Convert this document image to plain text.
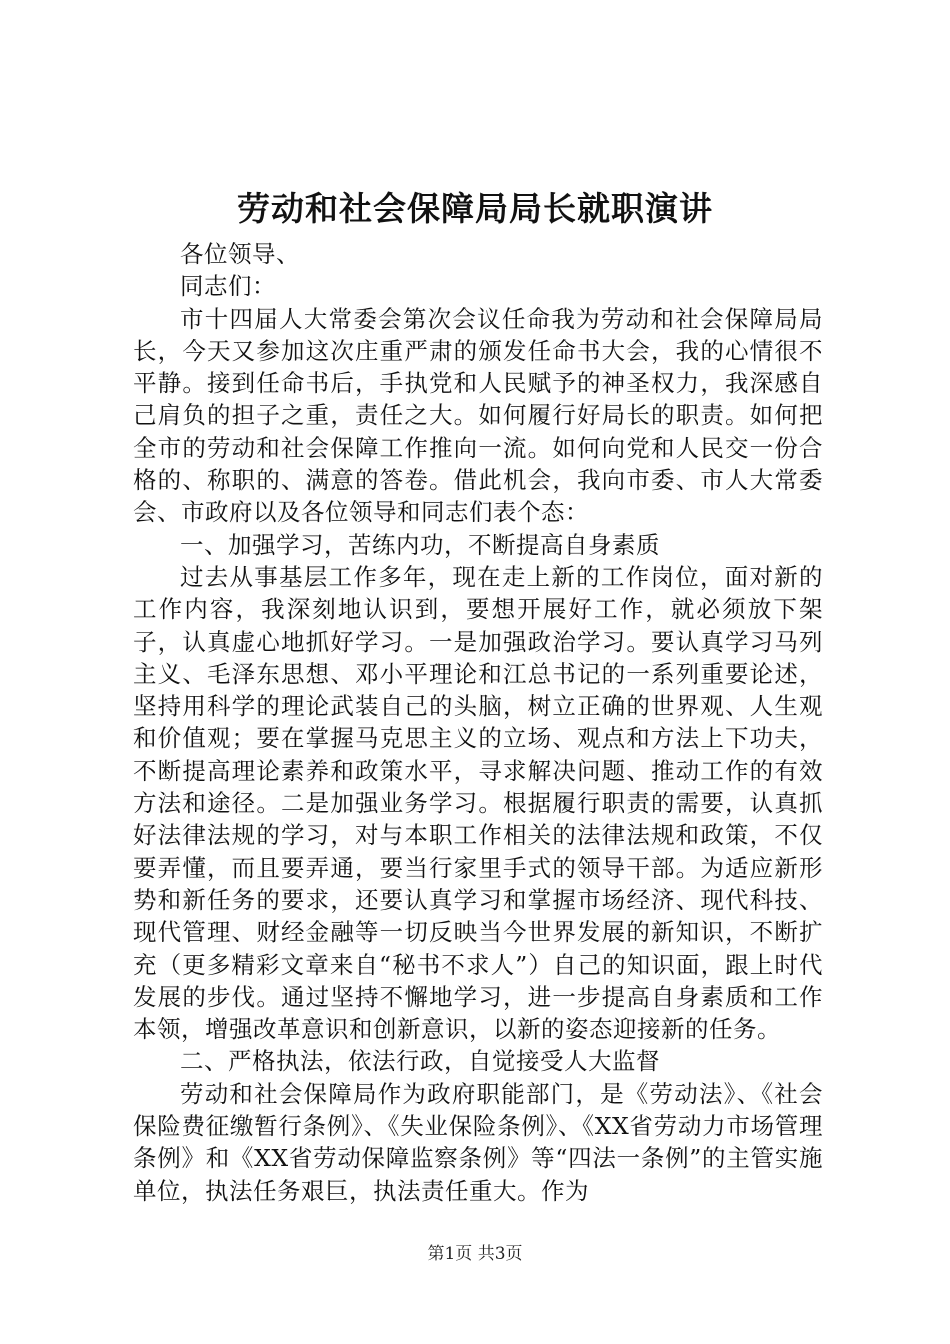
劳动和社会保障局局长就职演讲

各位领导、

同志们：

市十四届人大常委会第次会议任命我为劳动和社会保障局局长，今天又参加这次庄重严肃的颁发任命书大会，我的心情很不平静。接到任命书后，手执党和人民赋予的神圣权力，我深感自己肩负的担子之重，责任之大。如何履行好局长的职责。如何把全市的劳动和社会保障工作推向一流。如何向党和人民交一份合格的、称职的、满意的答卷。借此机会，我向市委、市人大常委会、市政府以及各位领导和同志们表个态：

一、加强学习，苦练内功，不断提高自身素质

过去从事基层工作多年，现在走上新的工作岗位，面对新的工作内容，我深刻地认识到，要想开展好工作，就必须放下架子，认真虚心地抓好学习。一是加强政治学习。要认真学习马列主义、毛泽东思想、邓小平理论和江总书记的一系列重要论述，坚持用科学的理论武装自己的头脑，树立正确的世界观、人生观和价值观；要在掌握马克思主义的立场、观点和方法上下功夫，不断提高理论素养和政策水平，寻求解决问题、推动工作的有效方法和途径。二是加强业务学习。根据履行职责的需要，认真抓好法律法规的学习，对与本职工作相关的法律法规和政策，不仅要弄懂，而且要弄通，要当行家里手式的领导干部。为适应新形势和新任务的要求，还要认真学习和掌握市场经济、现代科技、现代管理、财经金融等一切反映当今世界发展的新知识，不断扩充（更多精彩文章来自“秘书不求人”）自己的知识面，跟上时代发展的步伐。通过坚持不懈地学习，进一步提高自身素质和工作本领，增强改革意识和创新意识，以新的姿态迎接新的任务。

二、严格执法，依法行政，自觉接受人大监督

劳动和社会保障局作为政府职能部门，是《劳动法》、《社会保险费征缴暂行条例》、《失业保险条例》、《XX省劳动力市场管理条例》和《XX省劳动保障监察条例》等“四法一条例”的主管实施单位，执法任务艰巨，执法责任重大。作为

第1页 共3页
